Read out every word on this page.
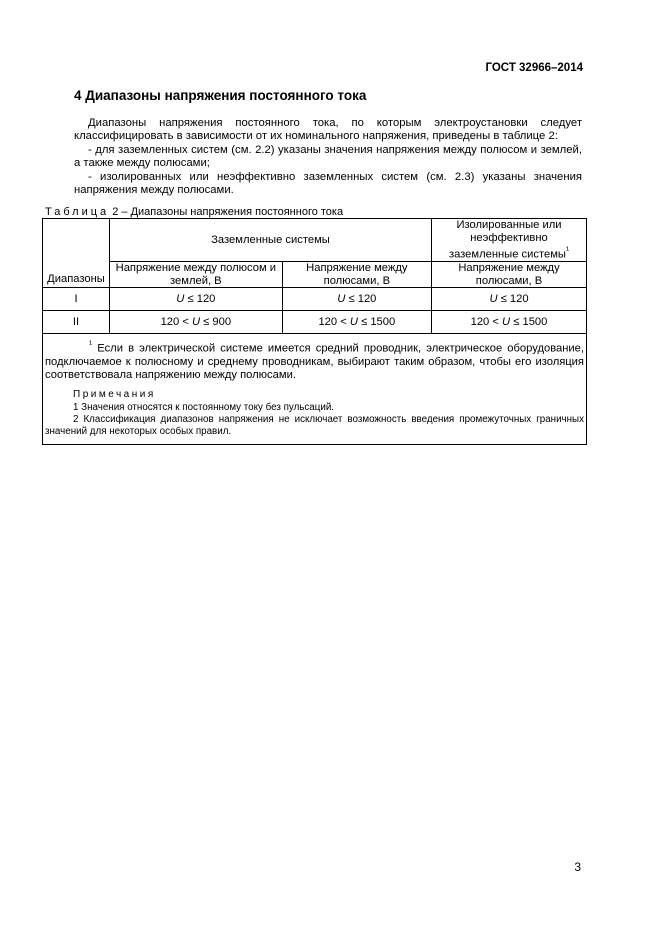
ГОСТ 32966–2014
4 Диапазоны напряжения постоянного тока

Диапазоны напряжения постоянного тока, по которым электроустановки следует классифицировать в зависимости от их номинального напряжения, приведены в таблице 2:

- для заземленных систем (см. 2.2) указаны значения напряжения между полюсом и землей, а также между полюсами;

- изолированных или неэффективно заземленных систем (см. 2.3) указаны значения напряжения между полюсами.

Таблица 2 – Диапазоны напряжения постоянного тока
Диапазоны	Заземленные системы		Изолированные или неэффективно заземленные системы$^{^1}$
	Напряжение между полюсом и землей, В	Напряжение между полюсами, В	Напряжение между полюсами, В
I	U ≤ 120	U ≤ 120	U ≤ 120
II	120 < U ≤ 900	120 < U ≤ 1500	120 < U ≤ 1500

$^{^1}$ Если в электрической системе имеется средний проводник, электрическое оборудование, подключаемое к полюсному и среднему проводникам, выбирают таким образом, чтобы его изоляция соответствовала напряжению между полюсами.

Примечания

1 Значения относятся к постоянному току без пульсаций.

2 Классификация диапазонов напряжения не исключает возможность введения промежуточных граничных значений для некоторых особых правил.			

3
